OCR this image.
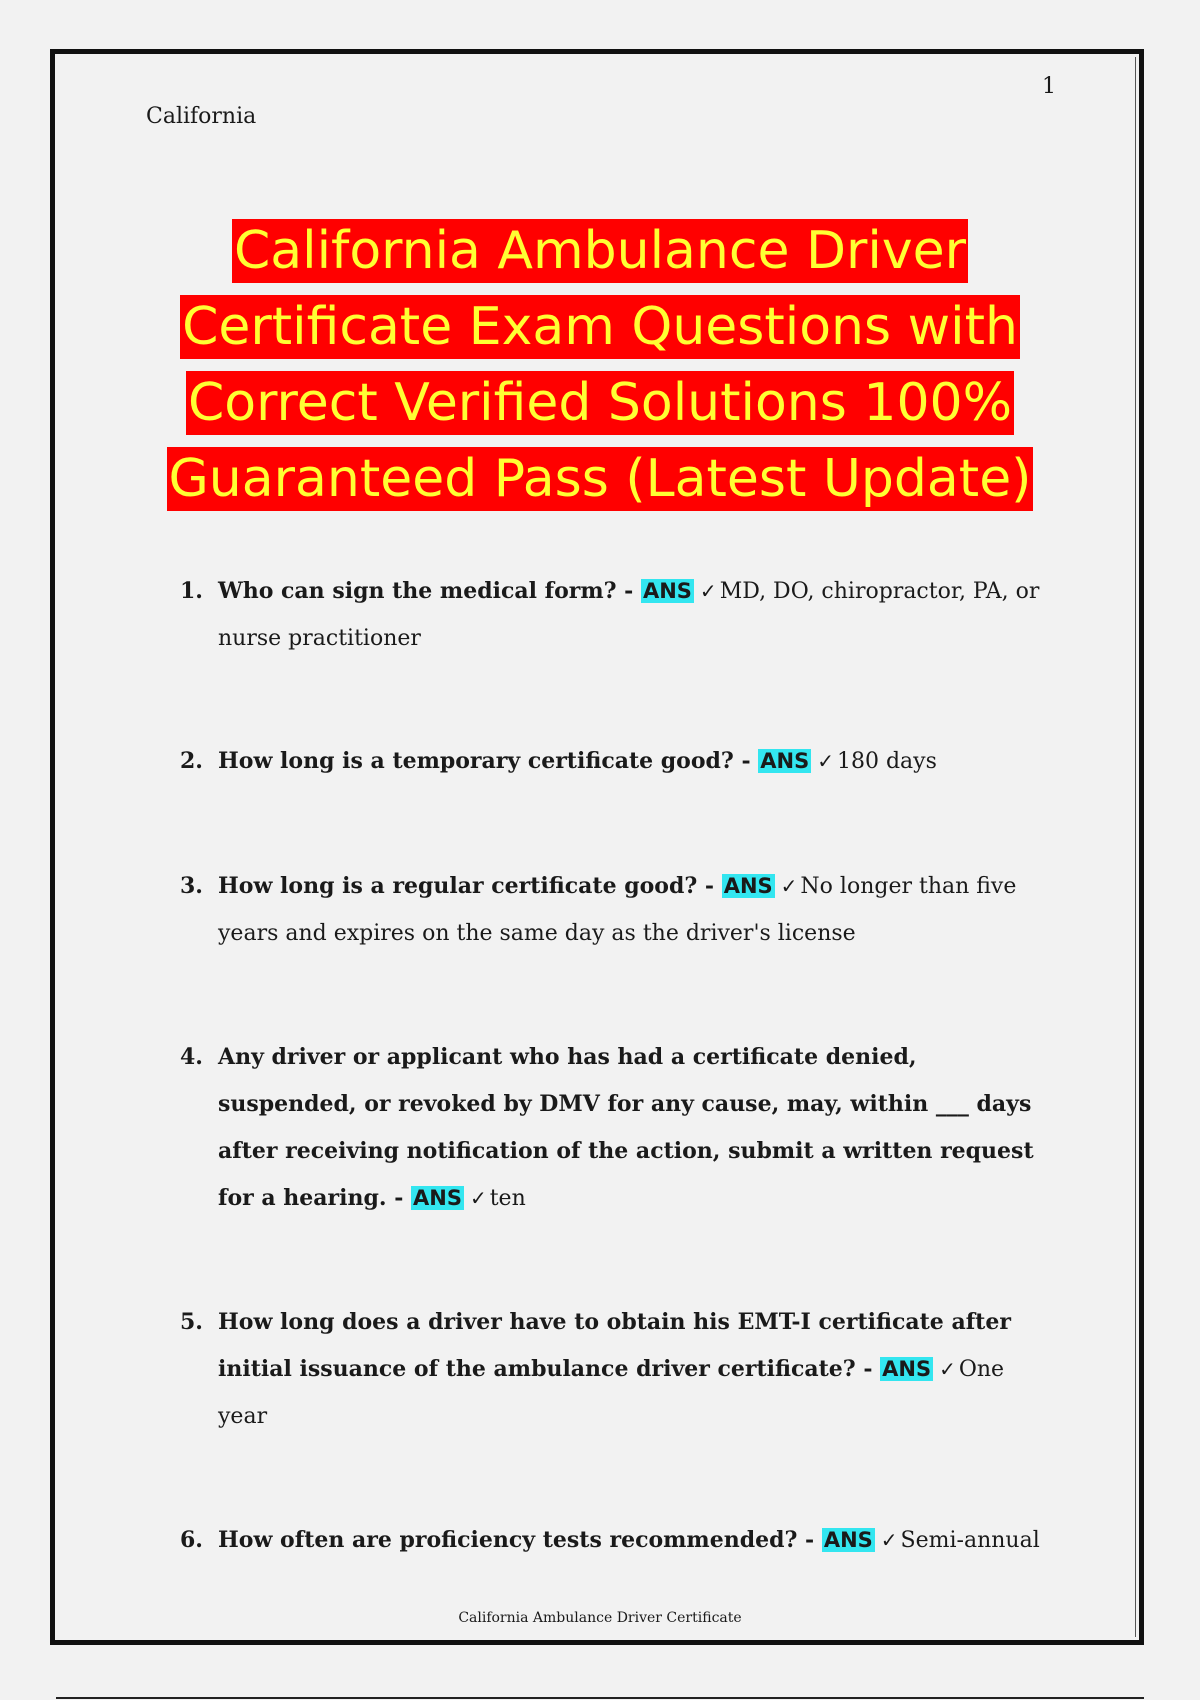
California
1
California Ambulance Driver
Certificate Exam Questions with
Correct Verified Solutions 100%
Guaranteed Pass (Latest Update)
1. Who can sign the medical form? - ANS ✓ MD, DO, chiropractor, PA, or nurse practitioner
2. How long is a temporary certificate good? - ANS ✓ 180 days
3. How long is a regular certificate good? - ANS ✓ No longer than five years and expires on the same day as the driver's license
4. Any driver or applicant who has had a certificate denied, suspended, or revoked by DMV for any cause, may, within ___ days after receiving notification of the action, submit a written request for a hearing. - ANS ✓ ten
5. How long does a driver have to obtain his EMT-I certificate after initial issuance of the ambulance driver certificate? - ANS ✓ One year
6. How often are proficiency tests recommended? - ANS ✓ Semi-annual
California Ambulance Driver Certificate
